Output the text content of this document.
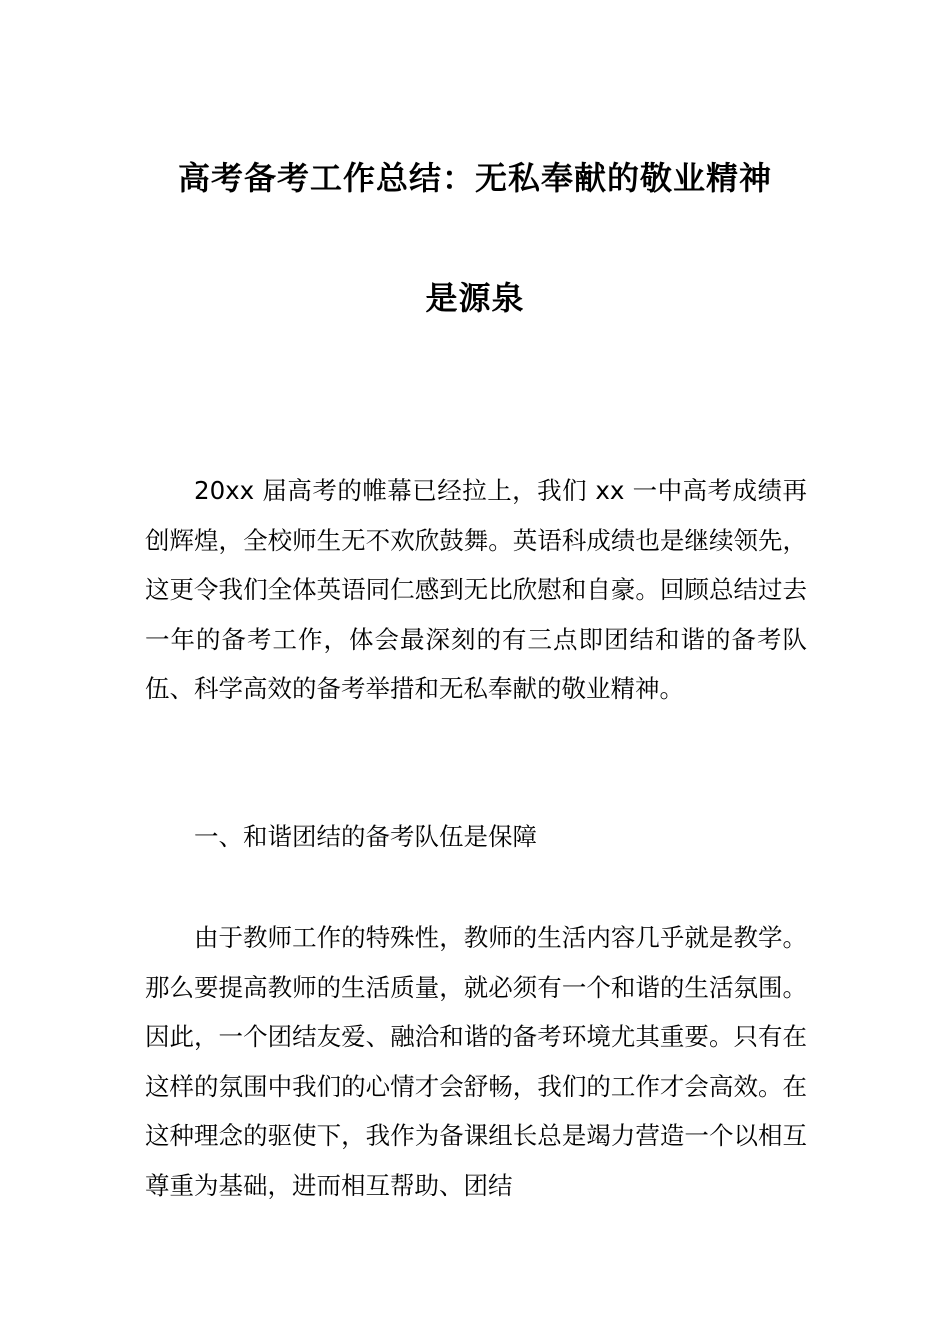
高考备考工作总结：无私奉献的敬业精神
是源泉

20xx 届高考的帷幕已经拉上，我们 xx 一中高考成绩再创辉煌，全校师生无不欢欣鼓舞。英语科成绩也是继续领先，这更令我们全体英语同仁感到无比欣慰和自豪。回顾总结过去一年的备考工作，体会最深刻的有三点即团结和谐的备考队伍、科学高效的备考举措和无私奉献的敬业精神。

一、和谐团结的备考队伍是保障

由于教师工作的特殊性，教师的生活内容几乎就是教学。那么要提高教师的生活质量，就必须有一个和谐的生活氛围。因此，一个团结友爱、融洽和谐的备考环境尤其重要。只有在这样的氛围中我们的心情才会舒畅，我们的工作才会高效。在这种理念的驱使下，我作为备课组长总是竭力营造一个以相互尊重为基础，进而相互帮助、团结
